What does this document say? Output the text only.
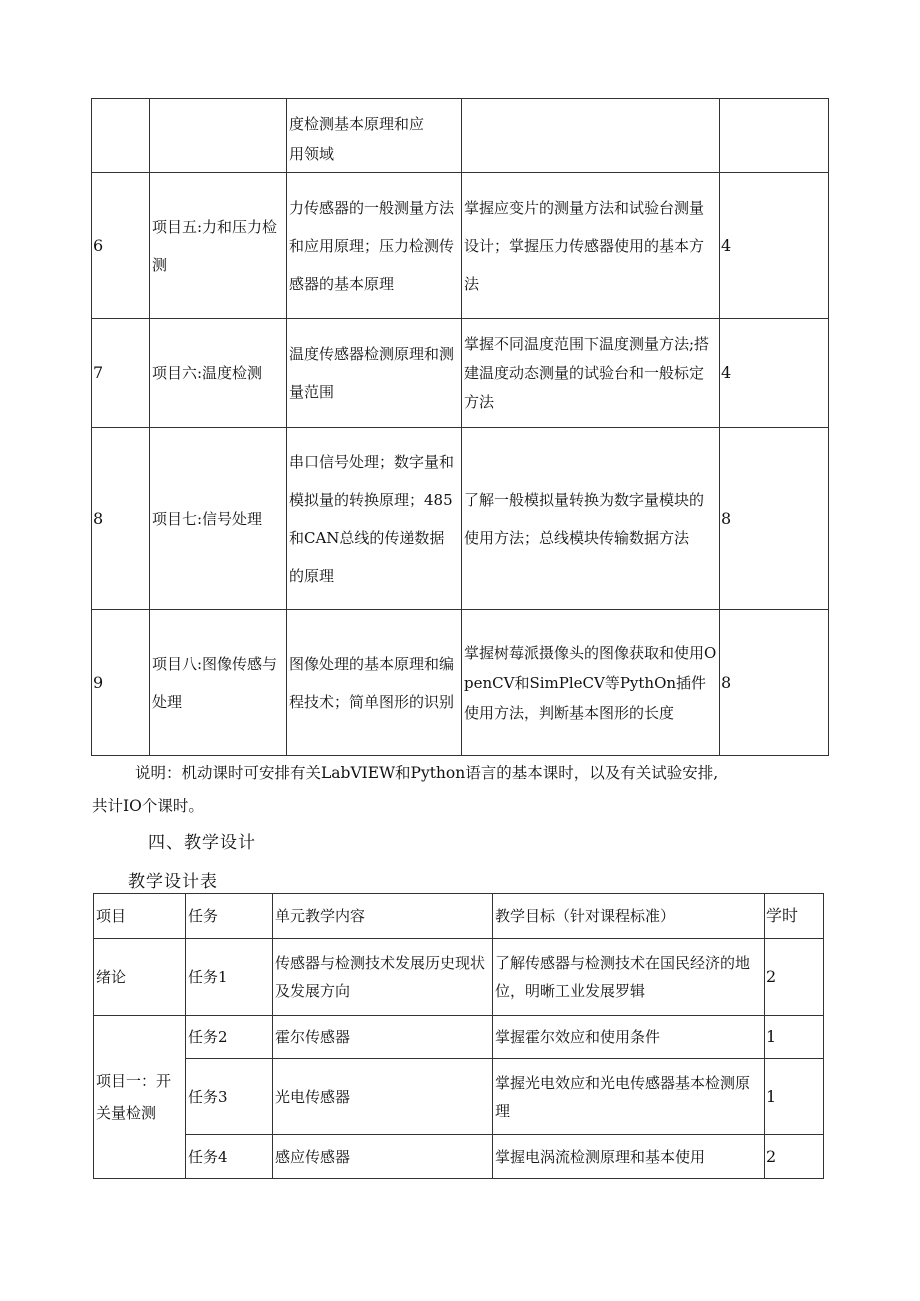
		度检测基本原理和应用领域		
6	项目五:力和压力检测	力传感器的一般测量方法和应用原理；压力检测传感器的基本原理	掌握应变片的测量方法和试验台测量设计；掌握压力传感器使用的基本方法	4
7	项目六:温度检测	温度传感器检测原理和测量范围	掌握不同温度范围下温度测量方法;搭建温度动态测量的试验台和一般标定方法	4
8	项目七:信号处理	串口信号处理；数字量和模拟量的转换原理；485和CAN总线的传递数据的原理	了解一般模拟量转换为数字量模块的使用方法；总线模块传输数据方法	8
9	项目八:图像传感与处理	图像处理的基本原理和编程技术；简单图形的识别	掌握树莓派摄像头的图像获取和使用OpenCV和SimPleCV等PythOn插件使用方法，判断基本图形的长度	8

说明：机动课时可安排有关LabVIEW和Python语言的基本课时，以及有关试验安排,

共计IO个课时。

四、教学设计

教学设计表

项目	任务	单元教学内容	教学目标（针对课程标准）	学时
绪论	任务1	传感器与检测技术发展历史现状及发展方向	了解传感器与检测技术在国民经济的地位，明晰工业发展罗辑	2
项目一：开关量检测	任务2	霍尔传感器	掌握霍尔效应和使用条件	1
	任务3	光电传感器	掌握光电效应和光电传感器基本检测原理	1
	任务4	感应传感器	掌握电涡流检测原理和基本使用	2
